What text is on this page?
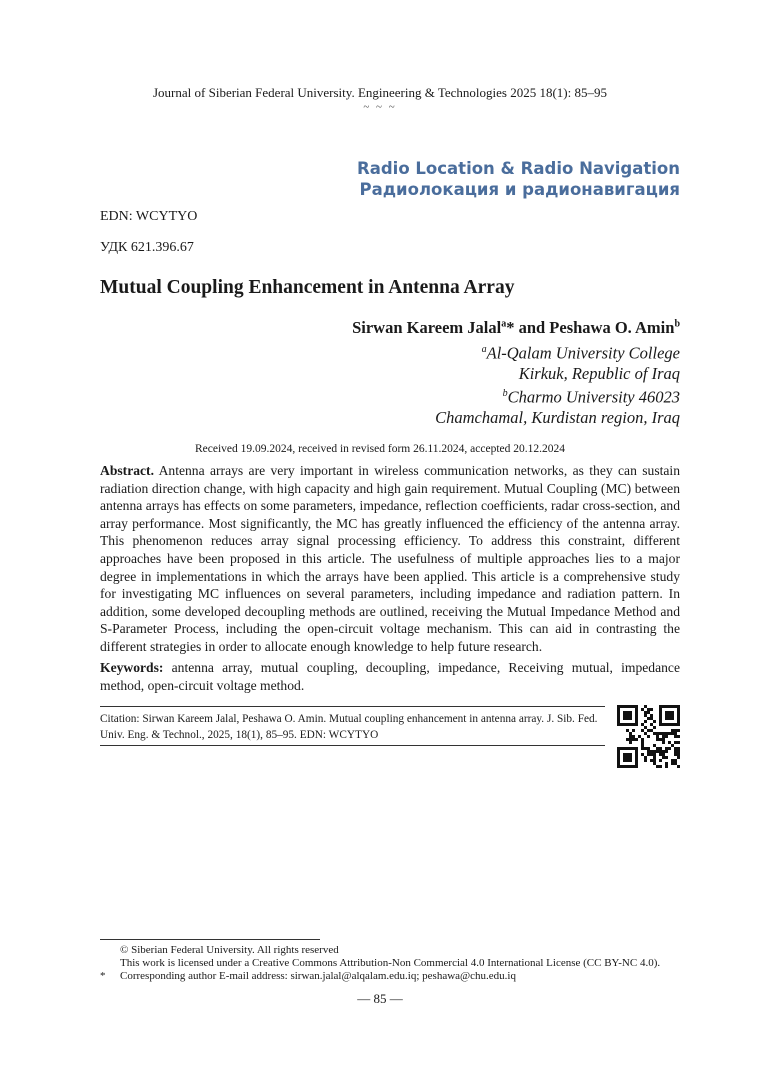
Journal of Siberian Federal University. Engineering & Technologies 2025 18(1): 85–95
~ ~ ~
Radio Location & Radio Navigation
Радиолокация и радионавигация
EDN: WCYTYO
УДК 621.396.67
Mutual Coupling Enhancement in Antenna Array
Sirwan Kareem Jalal$^a$* and Peshawa O. Amin$^b$
$^a$Al-Qalam University College
Kirkuk, Republic of Iraq
$^b$Charmo University 46023
Chamchamal, Kurdistan region, Iraq
Received 19.09.2024, received in revised form 26.11.2024, accepted 20.12.2024
Abstract. Antenna arrays are very important in wireless communication networks, as they can sustain radiation direction change, with high capacity and high gain requirement. Mutual Coupling (MC) between antenna arrays has effects on some parameters, impedance, reflection coefficients, radar cross-section, and array performance. Most significantly, the MC has greatly influenced the efficiency of the antenna array. This phenomenon reduces array signal processing efficiency. To address this constraint, different approaches have been proposed in this article. The usefulness of multiple approaches lies to a major degree in implementations in which the arrays have been applied. This article is a comprehensive study for investigating MC influences on several parameters, including impedance and radiation pattern. In addition, some developed decoupling methods are outlined, receiving the Mutual Impedance Method and S-Parameter Process, including the open-circuit voltage mechanism. This can aid in contrasting the different strategies in order to allocate enough knowledge to help future research.
Keywords: antenna array, mutual coupling, decoupling, impedance, Receiving mutual, impedance method, open-circuit voltage method.
Citation: Sirwan Kareem Jalal, Peshawa O. Amin. Mutual coupling enhancement in antenna array. J. Sib. Fed. Univ. Eng. & Technol., 2025, 18(1), 85–95. EDN: WCYTYO
© Siberian Federal University. All rights reserved
This work is licensed under a Creative Commons Attribution-Non Commercial 4.0 International License (CC BY-NC 4.0).
* Corresponding author E-mail address: sirwan.jalal@alqalam.edu.iq; peshawa@chu.edu.iq
— 85 —
